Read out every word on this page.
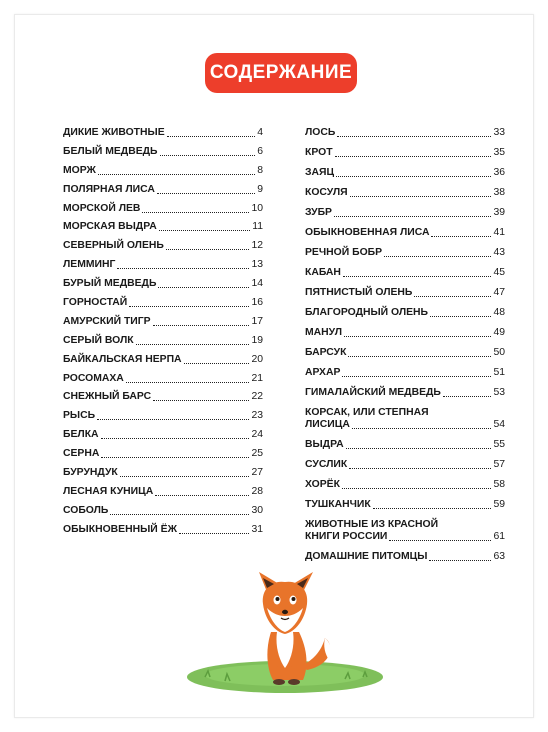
СОДЕРЖАНИЕ
ДИКИЕ ЖИВОТНЫЕ	4
БЕЛЫЙ МЕДВЕДЬ	6
МОРЖ	8
ПОЛЯРНАЯ ЛИСА	9
МОРСКОЙ ЛЕВ	10
МОРСКАЯ ВЫДРА	11
СЕВЕРНЫЙ ОЛЕНЬ	12
ЛЕММИНГ	13
БУРЫЙ МЕДВЕДЬ	14
ГОРНОСТАЙ	16
АМУРСКИЙ ТИГР	17
СЕРЫЙ ВОЛК	19
БАЙКАЛЬСКАЯ НЕРПА	20
РОСОМАХА	21
СНЕЖНЫЙ БАРС	22
РЫСЬ	23
БЕЛКА	24
СЕРНА	25
БУРУНДУК	27
ЛЕСНАЯ КУНИЦА	28
СОБОЛЬ	30
ОБЫКНОВЕННЫЙ ЁЖ	31
ЛОСЬ	33
КРОТ	35
ЗАЯЦ	36
КОСУЛЯ	38
ЗУБР	39
ОБЫКНОВЕННАЯ ЛИСА	41
РЕЧНОЙ БОБР	43
КАБАН	45
ПЯТНИСТЫЙ ОЛЕНЬ	47
БЛАГОРОДНЫЙ ОЛЕНЬ	48
МАНУЛ	49
БАРСУК	50
АРХАР	51
ГИМАЛАЙСКИЙ МЕДВЕДЬ	53
КОРСАК, ИЛИ СТЕПНАЯ
ЛИСИЦА	54
ВЫДРА	55
СУСЛИК	57
ХОРЁК	58
ТУШКАНЧИК	59
ЖИВОТНЫЕ ИЗ КРАСНОЙ
КНИГИ РОССИИ	61
ДОМАШНИЕ ПИТОМЦЫ	63
